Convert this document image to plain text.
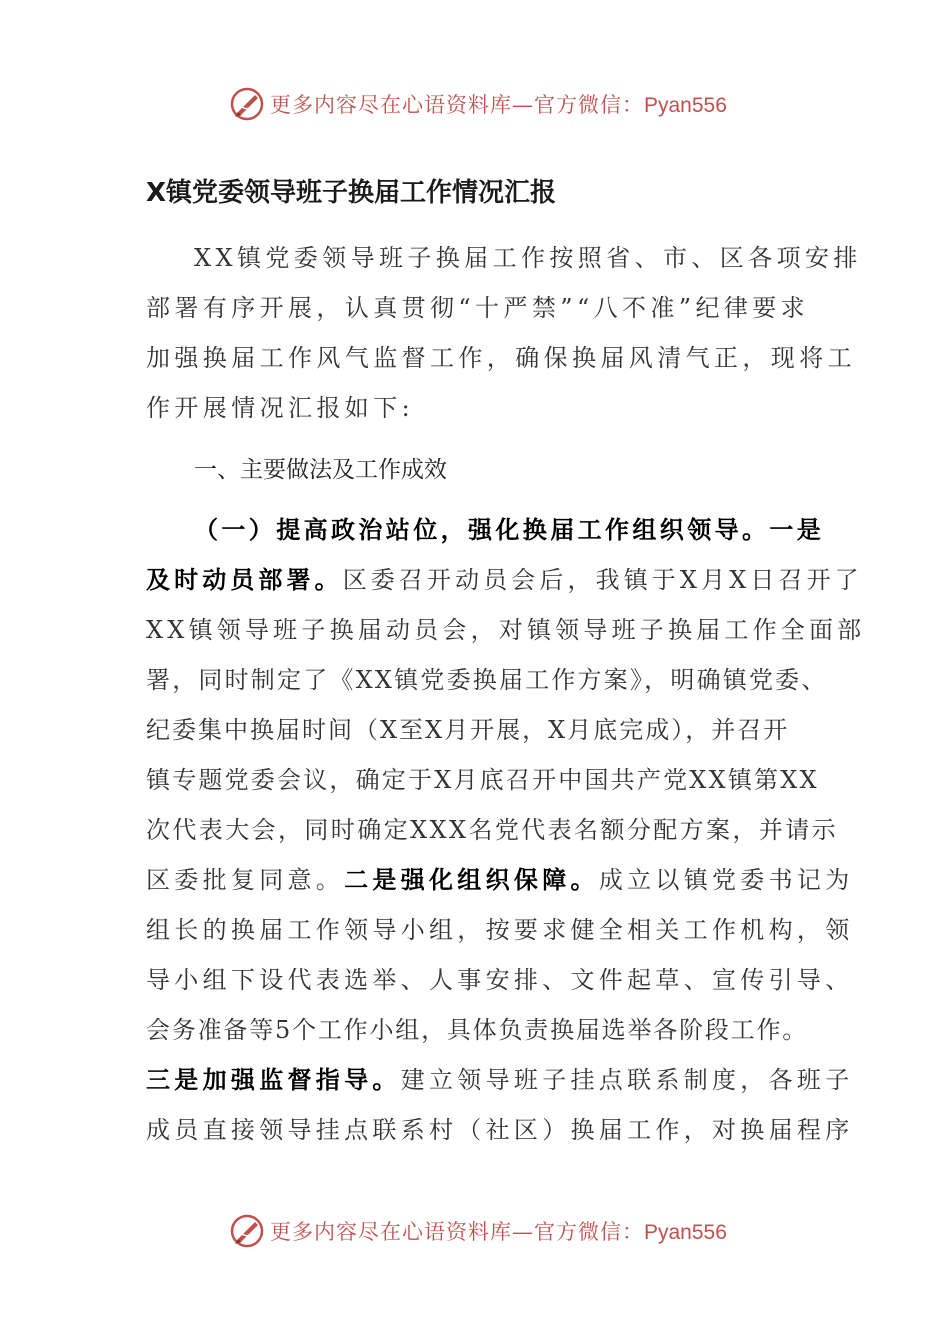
更多内容尽在心语资料库—官方微信：Pyan556
X镇党委领导班子换届工作情况汇报
XX镇党委领导班子换届工作按照省、市、区各项安排
部署有序开展，认真贯彻“十严禁”“八不准”纪律要求
加强换届工作风气监督工作，确保换届风清气正，现将工
作开展情况汇报如下:
一、主要做法及工作成效
（一）提高政治站位，强化换届工作组织领导。一是
及时动员部署。区委召开动员会后，我镇于X月X日召开了
XX镇领导班子换届动员会，对镇领导班子换届工作全面部
署，同时制定了《XX镇党委换届工作方案》，明确镇党委、
纪委集中换届时间（X至X月开展，X月底完成），并召开
镇专题党委会议，确定于X月底召开中国共产党XX镇第XX
次代表大会，同时确定XXX名党代表名额分配方案，并请示
区委批复同意。二是强化组织保障。成立以镇党委书记为
组长的换届工作领导小组，按要求健全相关工作机构，领
导小组下设代表选举、人事安排、文件起草、宣传引导、
会务准备等5个工作小组，具体负责换届选举各阶段工作。
三是加强监督指导。建立领导班子挂点联系制度，各班子
成员直接领导挂点联系村（社区）换届工作，对换届程序
更多内容尽在心语资料库—官方微信：Pyan556
